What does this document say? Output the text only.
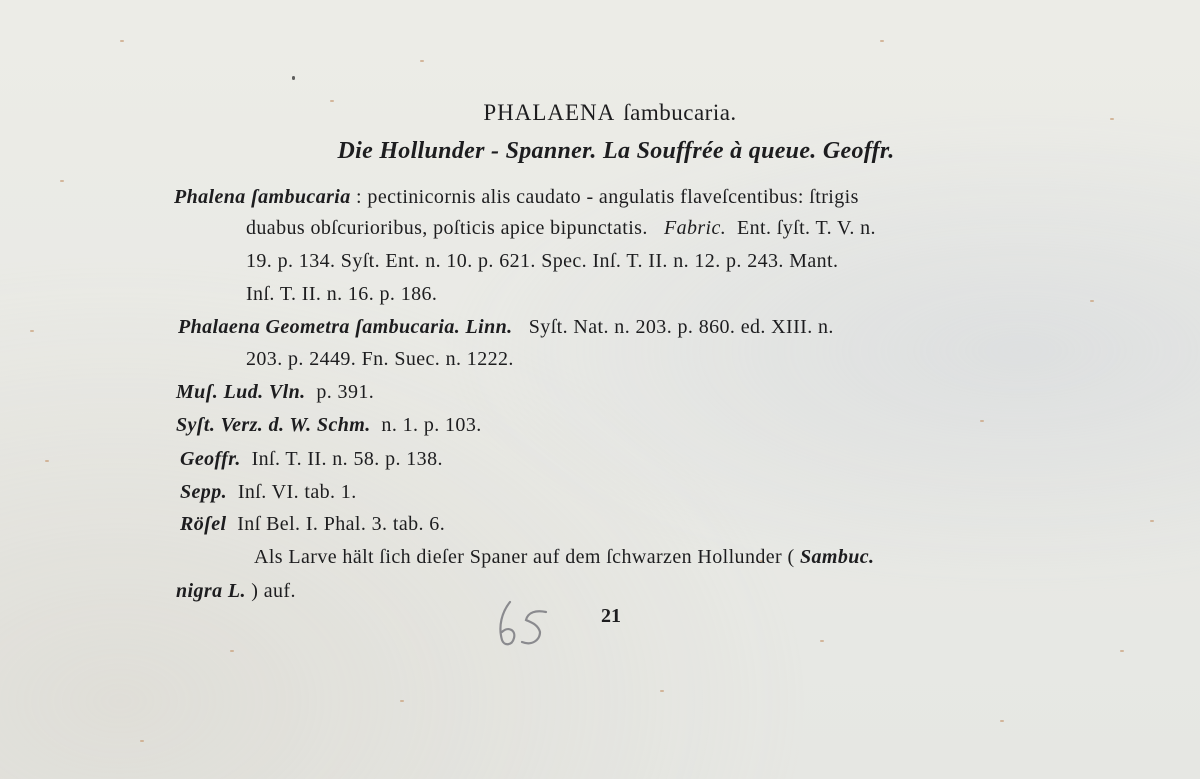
PHALAENA ſambucaria.
Die Hollunder - Spanner. La Souffrée à queue. Geoffr.
Phalena ſambucaria : pectinicornis alis caudato - angulatis flaveſcentibus: ſtrigis
duabus obſcurioribus, poſticis apice bipunctatis. Fabric. Ent. ſyſt. T. V. n.
19. p. 134. Syſt. Ent. n. 10. p. 621. Spec. Inſ. T. II. n. 12. p. 243. Mant.
Inſ. T. II. n. 16. p. 186.
Phalaena Geometra ſambucaria. Linn. Syſt. Nat. n. 203. p. 860. ed. XIII. n.
203. p. 2449. Fn. Suec. n. 1222.
Muſ. Lud. Vln. p. 391.
Syſt. Verz. d. W. Schm. n. 1. p. 103.
Geoffr. Inſ. T. II. n. 58. p. 138.
Sepp. Inſ. VI. tab. 1.
Röſel Inſ Bel. I. Phal. 3. tab. 6.
Als Larve hält ſich dieſer Spaner auf dem ſchwarzen Hollunder ( Sambuc.
nigra L. ) auf.
21
